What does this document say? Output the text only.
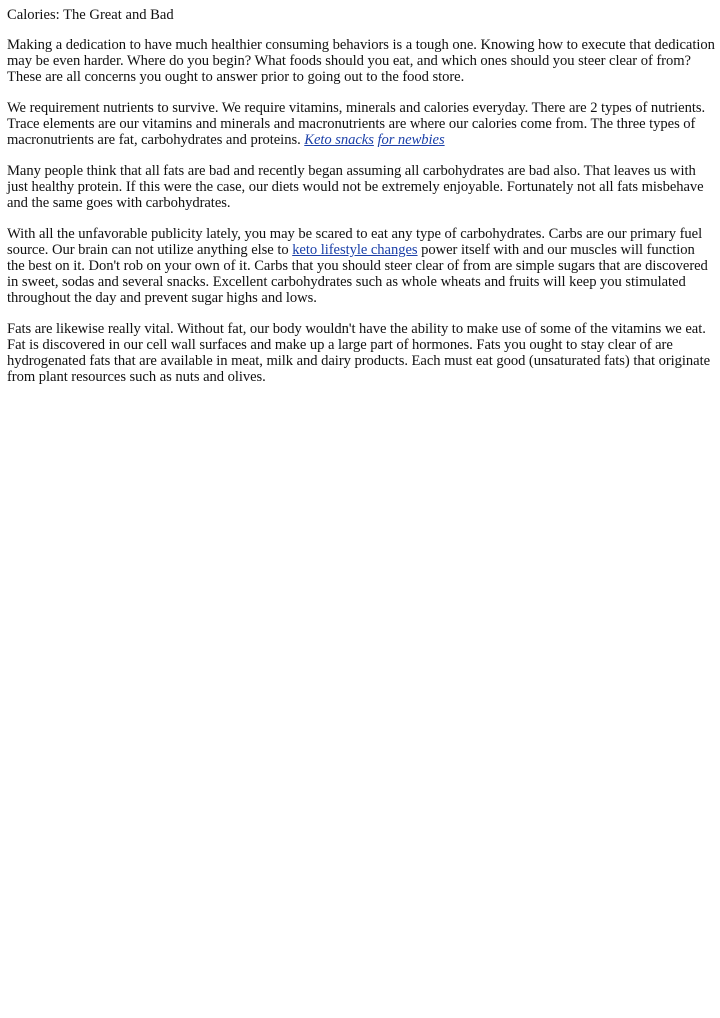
Calories: The Great and Bad

Making a dedication to have much healthier consuming behaviors is a tough one. Knowing how to execute that dedication may be even harder. Where do you begin? What foods should you eat, and which ones should you steer clear of from? These are all concerns you ought to answer prior to going out to the food store.

We requirement nutrients to survive. We require vitamins, minerals and calories everyday. There are 2 types of nutrients. Trace elements are our vitamins and minerals and macronutrients are where our calories come from. The three types of macronutrients are fat, carbohydrates and proteins. Keto snacks for newbies

Many people think that all fats are bad and recently began assuming all carbohydrates are bad also. That leaves us with just healthy protein. If this were the case, our diets would not be extremely enjoyable. Fortunately not all fats misbehave and the same goes with carbohydrates.

With all the unfavorable publicity lately, you may be scared to eat any type of carbohydrates. Carbs are our primary fuel source. Our brain can not utilize anything else to keto lifestyle changes power itself with and our muscles will function the best on it. Don't rob on your own of it. Carbs that you should steer clear of from are simple sugars that are discovered in sweet, sodas and several snacks. Excellent carbohydrates such as whole wheats and fruits will keep you stimulated throughout the day and prevent sugar highs and lows.

Fats are likewise really vital. Without fat, our body wouldn't have the ability to make use of some of the vitamins we eat. Fat is discovered in our cell wall surfaces and make up a large part of hormones. Fats you ought to stay clear of are hydrogenated fats that are available in meat, milk and dairy products. Each must eat good (unsaturated fats) that originate from plant resources such as nuts and olives.
